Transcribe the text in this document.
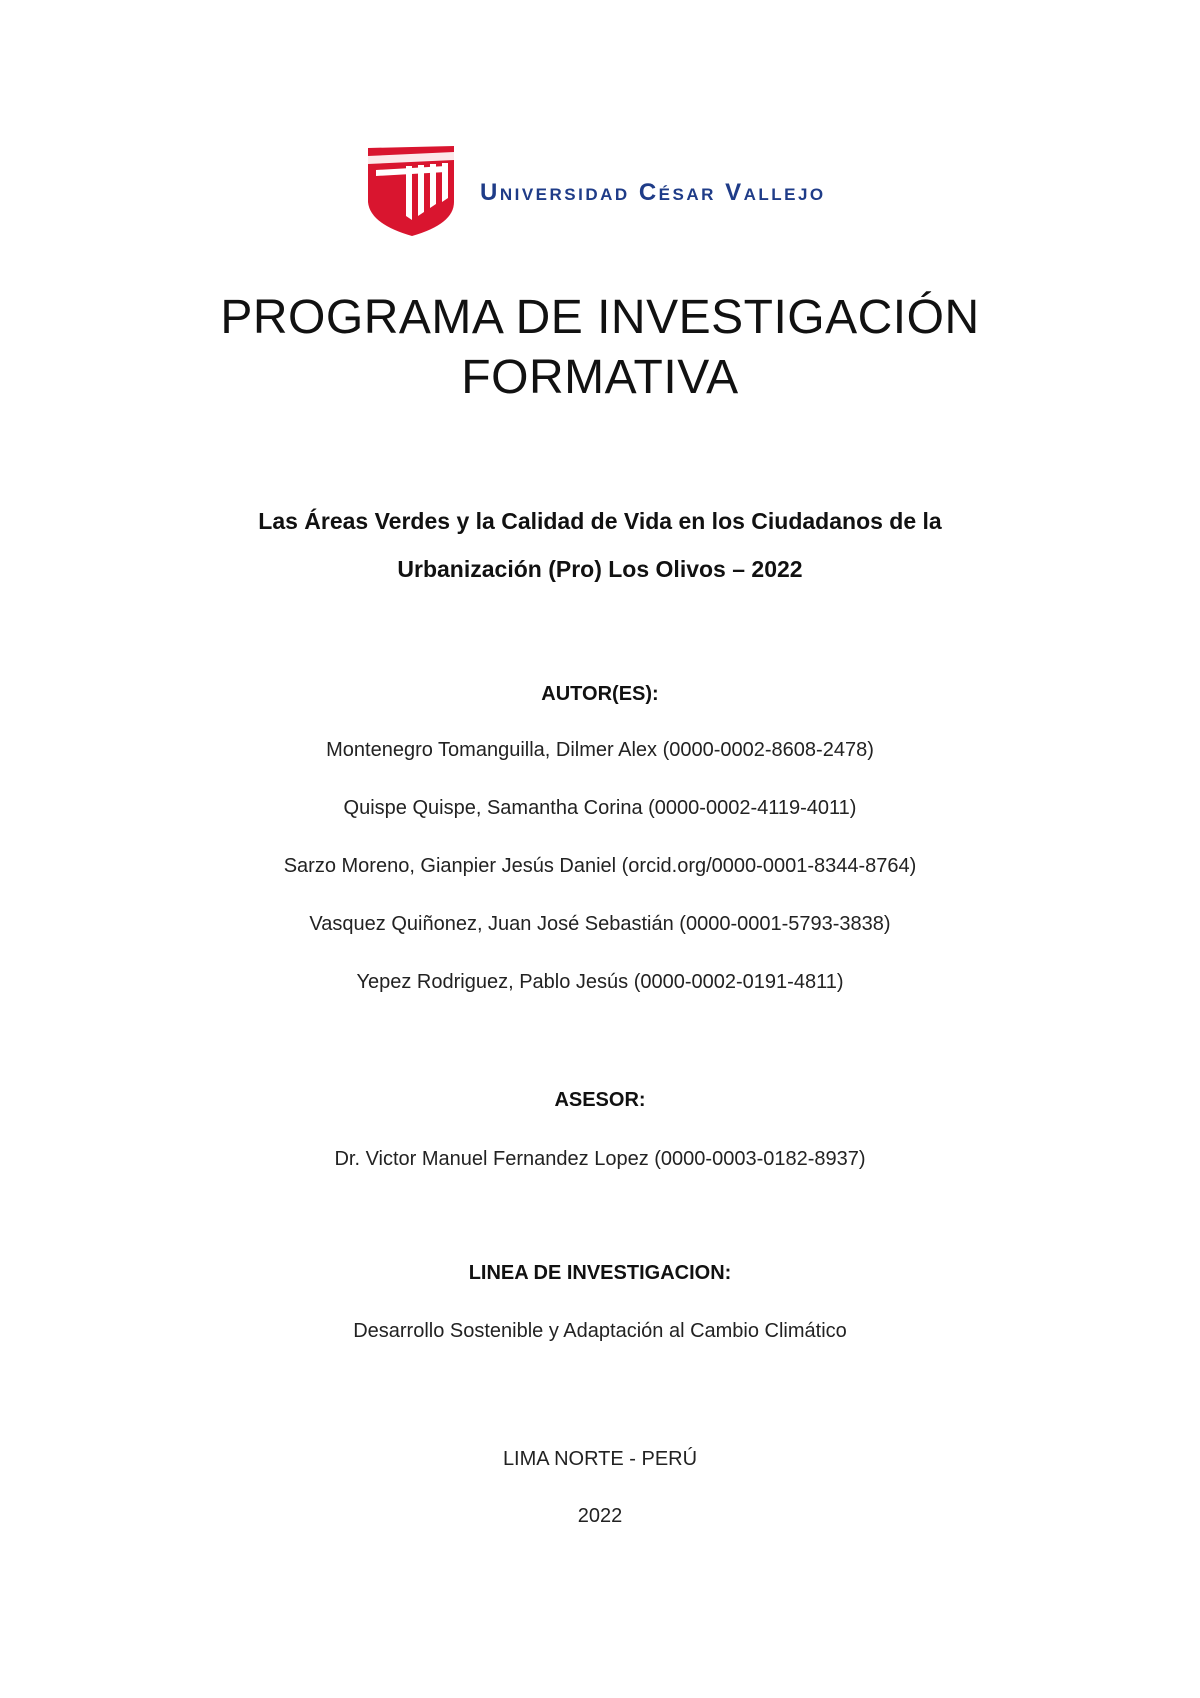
Universidad César Vallejo
PROGRAMA DE INVESTIGACIÓN
FORMATIVA
Las Áreas Verdes y la Calidad de Vida en los Ciudadanos de la
Urbanización (Pro) Los Olivos – 2022
AUTOR(ES):
Montenegro Tomanguilla, Dilmer Alex (0000-0002-8608-2478)
Quispe Quispe, Samantha Corina (0000-0002-4119-4011)
Sarzo Moreno, Gianpier Jesús Daniel (orcid.org/0000-0001-8344-8764)
Vasquez Quiñonez, Juan José Sebastián (0000-0001-5793-3838)
Yepez Rodriguez, Pablo Jesús (0000-0002-0191-4811)
ASESOR:
Dr. Victor Manuel Fernandez Lopez (0000-0003-0182-8937)
LINEA DE INVESTIGACION:
Desarrollo Sostenible y Adaptación al Cambio Climático
LIMA NORTE - PERÚ
2022
